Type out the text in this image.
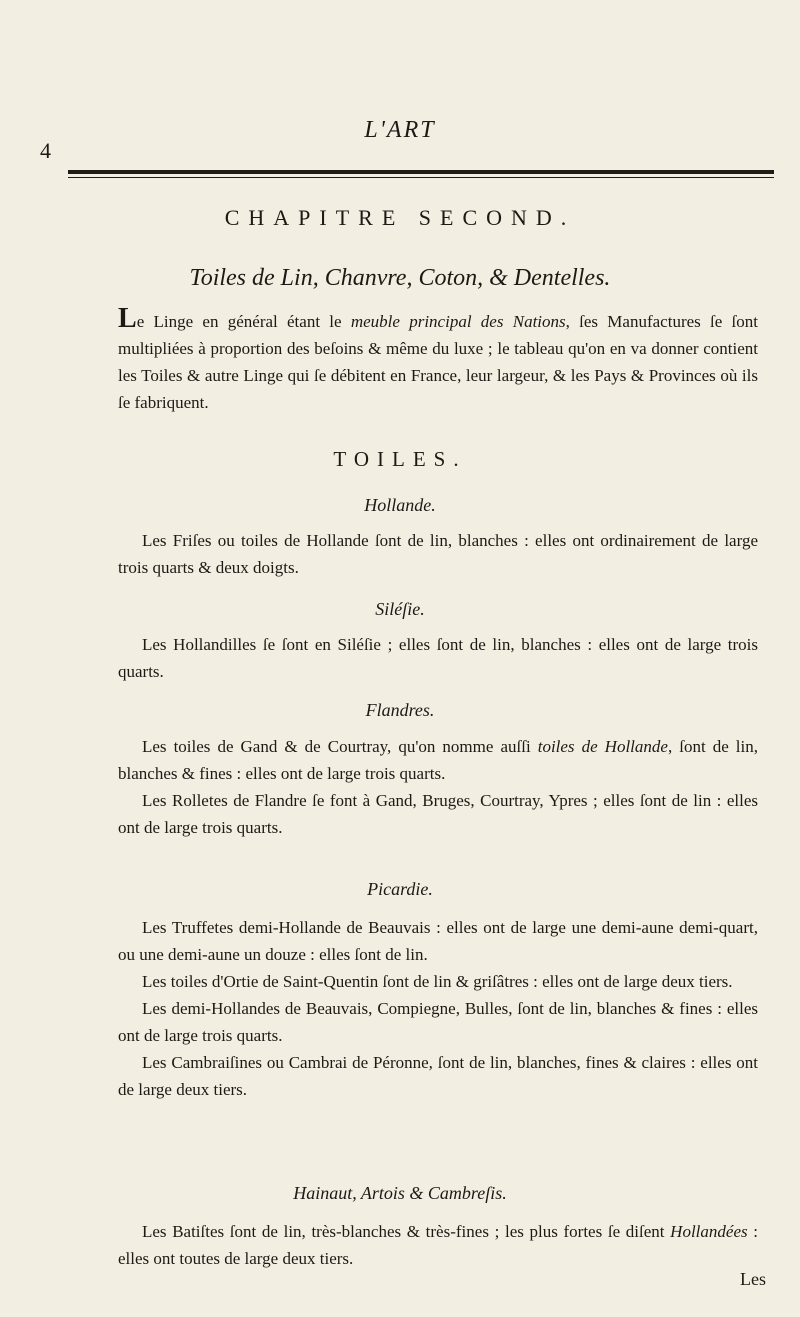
4
L'ART
CHAPITRE SECOND.
Toiles de Lin, Chanvre, Coton, & Dentelles.

Le Linge en général étant le meuble principal des Nations, ſes Manufactures ſe ſont multipliées à proportion des beſoins & même du luxe ; le tableau qu'on en va donner contient les Toiles & autre Linge qui ſe débitent en France, leur largeur, & les Pays & Provinces où ils ſe fabriquent.

TOILES.
Hollande.

Les Friſes ou toiles de Hollande ſont de lin, blanches : elles ont ordinairement de large trois quarts & deux doigts.

Siléſie.

Les Hollandilles ſe ſont en Siléſie ; elles ſont de lin, blanches : elles ont de large trois quarts.

Flandres.

Les toiles de Gand & de Courtray, qu'on nomme auſſi toiles de Hollande, ſont de lin, blanches & fines : elles ont de large trois quarts.

Les Rolletes de Flandre ſe font à Gand, Bruges, Courtray, Ypres ; elles ſont de lin : elles ont de large trois quarts.

Picardie.

Les Truffetes demi-Hollande de Beauvais : elles ont de large une demi-aune demi-quart, ou une demi-aune un douze : elles ſont de lin.

Les toiles d'Ortie de Saint-Quentin ſont de lin & griſâtres : elles ont de large deux tiers.

Les demi-Hollandes de Beauvais, Compiegne, Bulles, ſont de lin, blanches & fines : elles ont de large trois quarts.

Les Cambraiſines ou Cambrai de Péronne, ſont de lin, blanches, fines & claires : elles ont de large deux tiers.

Hainaut, Artois & Cambreſis.

Les Batiſtes ſont de lin, très-blanches & très-fines ; les plus fortes ſe diſent Hollandées : elles ont toutes de large deux tiers.

Les
